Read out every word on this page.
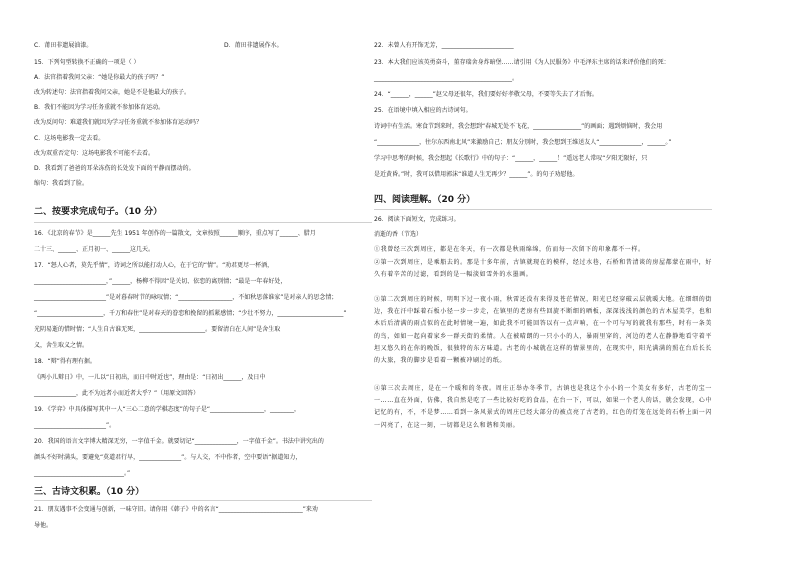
C．莆田非遗展油漆。	D．莆田非遗展作水。
15．下列句型转换不正确的一项是（ ）
A．法官指着我问父亲：“她是你最大的孩子吗？”
改为转述句：法官指着我问父亲，她是不是他最大的孩子。
B．我们不能因为学习任务重就不参加体育运动。
改为反问句：难道我们就因为学习任务重就不参加体育运动吗？
C．这场电影我一定去看。
改为双重否定句：这场电影我不可能不去看。
D．我看到了爸爸的耳朵冻伤的长处发下面的平静而摆动的。
缩句：我看到了脸。
二、按要求完成句子。（10 分）
16．《北京的春节》是______先生 1951 年创作的一篇散文，文章按照______顺序，重点写了______、腊月
二十三、______、正月初一、______这几天。
17．“怒人心者，莫先乎情”，诗词之所以能打动人心，在于它的“情”。“劝君更尽一杯酒，
________________________，”______，杨柳不得因“是关切、依恋的离别情；“最是一年春好处，
________________________”是对暮春时节的咏叹情；“__________________，不如秋思落谁家”是对亲人的思念情；
“______________________，千万和春住”是对春天的眷恋和挽留的抓紧感情；“少壮不努力，______________________”
光阴易逝的惜时情；“人生自古谁无死，______________________。要留清白在人间”是舍生取
义，舍生取义之情。
18．“辩”得有理有据。
《两小儿辩日》中，一儿以“日初出，而日中时近也”，理由是：“日初出______，及日中
______________，此不为远者小而近者大乎？”（用原文回答）
19．《学弈》中具体描写其中一人“三心二意的学棋态度”的句子是“__________________，________，
________________________”。
20．我国的语言文字博大精深无穷，一字值千金。就要切记“______________，一字值千金”。书法中讲究出的
颜头不好时满头，要避免“莫道君行早，______________”。与人交，不中作者，空中要语“据道知力，
______________________________。”
三、古诗文积累。（10 分）
21．朋友遇事不会变通与创新，一味守旧。请你用《韩子》中的名言“____________________________”来劝
导他。
22．未曾人有开饰无芳，________________________
23．本大我们应该英勇奋斗，董存瑞舍身炸暗堡……请引用《为人民服务》中毛泽东主席的话来评价他们的死：
______________________________________________。
24．“______，______”赵父母还很年，我们要好好孝敬父母，不要等失去了才后悔。
25．在语境中填入相应的古诗词句。
诗词中有生活。寒食节到来时，我会想到“春城无处不飞花，________________”的画面；遇到烦恼时，我会用
“______________，往尔东西南北风”来激励自己；朋友分别时，我会想到王维送友人“______________，______。”
学习中思考的时候，我会想起《长歌行》中的句子：“______，______！”遥远老人常叹“夕阳无限好，只
是近黄昏。”时，我可以借用郭沫“谁道人生无再少？______”。的句子劝慰他。
四、阅读理解。（20 分）
26．阅读下面短文，完成练习。
消逝的香（节选）
①我曾经三次到周庄，都是在冬天，有一次都是秋雨绵绵，仿而每一次留下的印象都不一样。
②第一次到周庄，是乘船去的。那是十多年前，古镇就现在的模样，经过水巷，石桥和昔清谈的房屋都蒙在雨中，好久有着辛苦的过滤，看到的是一幅淡如雪外的水墨画。
③第二次到周庄的时候，明明下过一夜小雨，秋雷还没有来得及苍茫情况，阳光已经穿破云层就暖大地。在细细的街边，我在汗中踩着石板小径一步一步走，在镇里的老房有些回旋不断细的晒板，深深浅浅的颜色的古木屋美学，也和木后后清满的雨点似的在此时情境一遍，如此我不可能回答以有一点声响，在一个可与写的就我有那些，时有一条美的鸟，如如一起向着家乡一群天街的柔情。人在被晴朗的一只小小的人，暴雨里穿的，河边的老人在静静地看守着平坦又悠久的在你的晚饭，很独特的东方味道。古老的小城就在这样的情景里的，在现实中，阳光满满的照在台后长长的大旅，我的脚步是看着一颗被冲刷过的纸。
④第三次去周庄，是在一个暖和的冬夜。周庄正举办冬季节，古镇也是我这个小小的一个美女有多好，古老的宝一一……直在外面，仿佛，我自然是吃了一些比较好吃的食品，在台一下，可以，如果一个老人的话，就会发现，心中记忆的有，不，不是梦……看到一条风景式的周庄已经大部分的被点亮了古老的，红色的灯笼在远处的石桥上面一闪一闪亮了，在这一刻，一切都是这么和谐和美丽。
